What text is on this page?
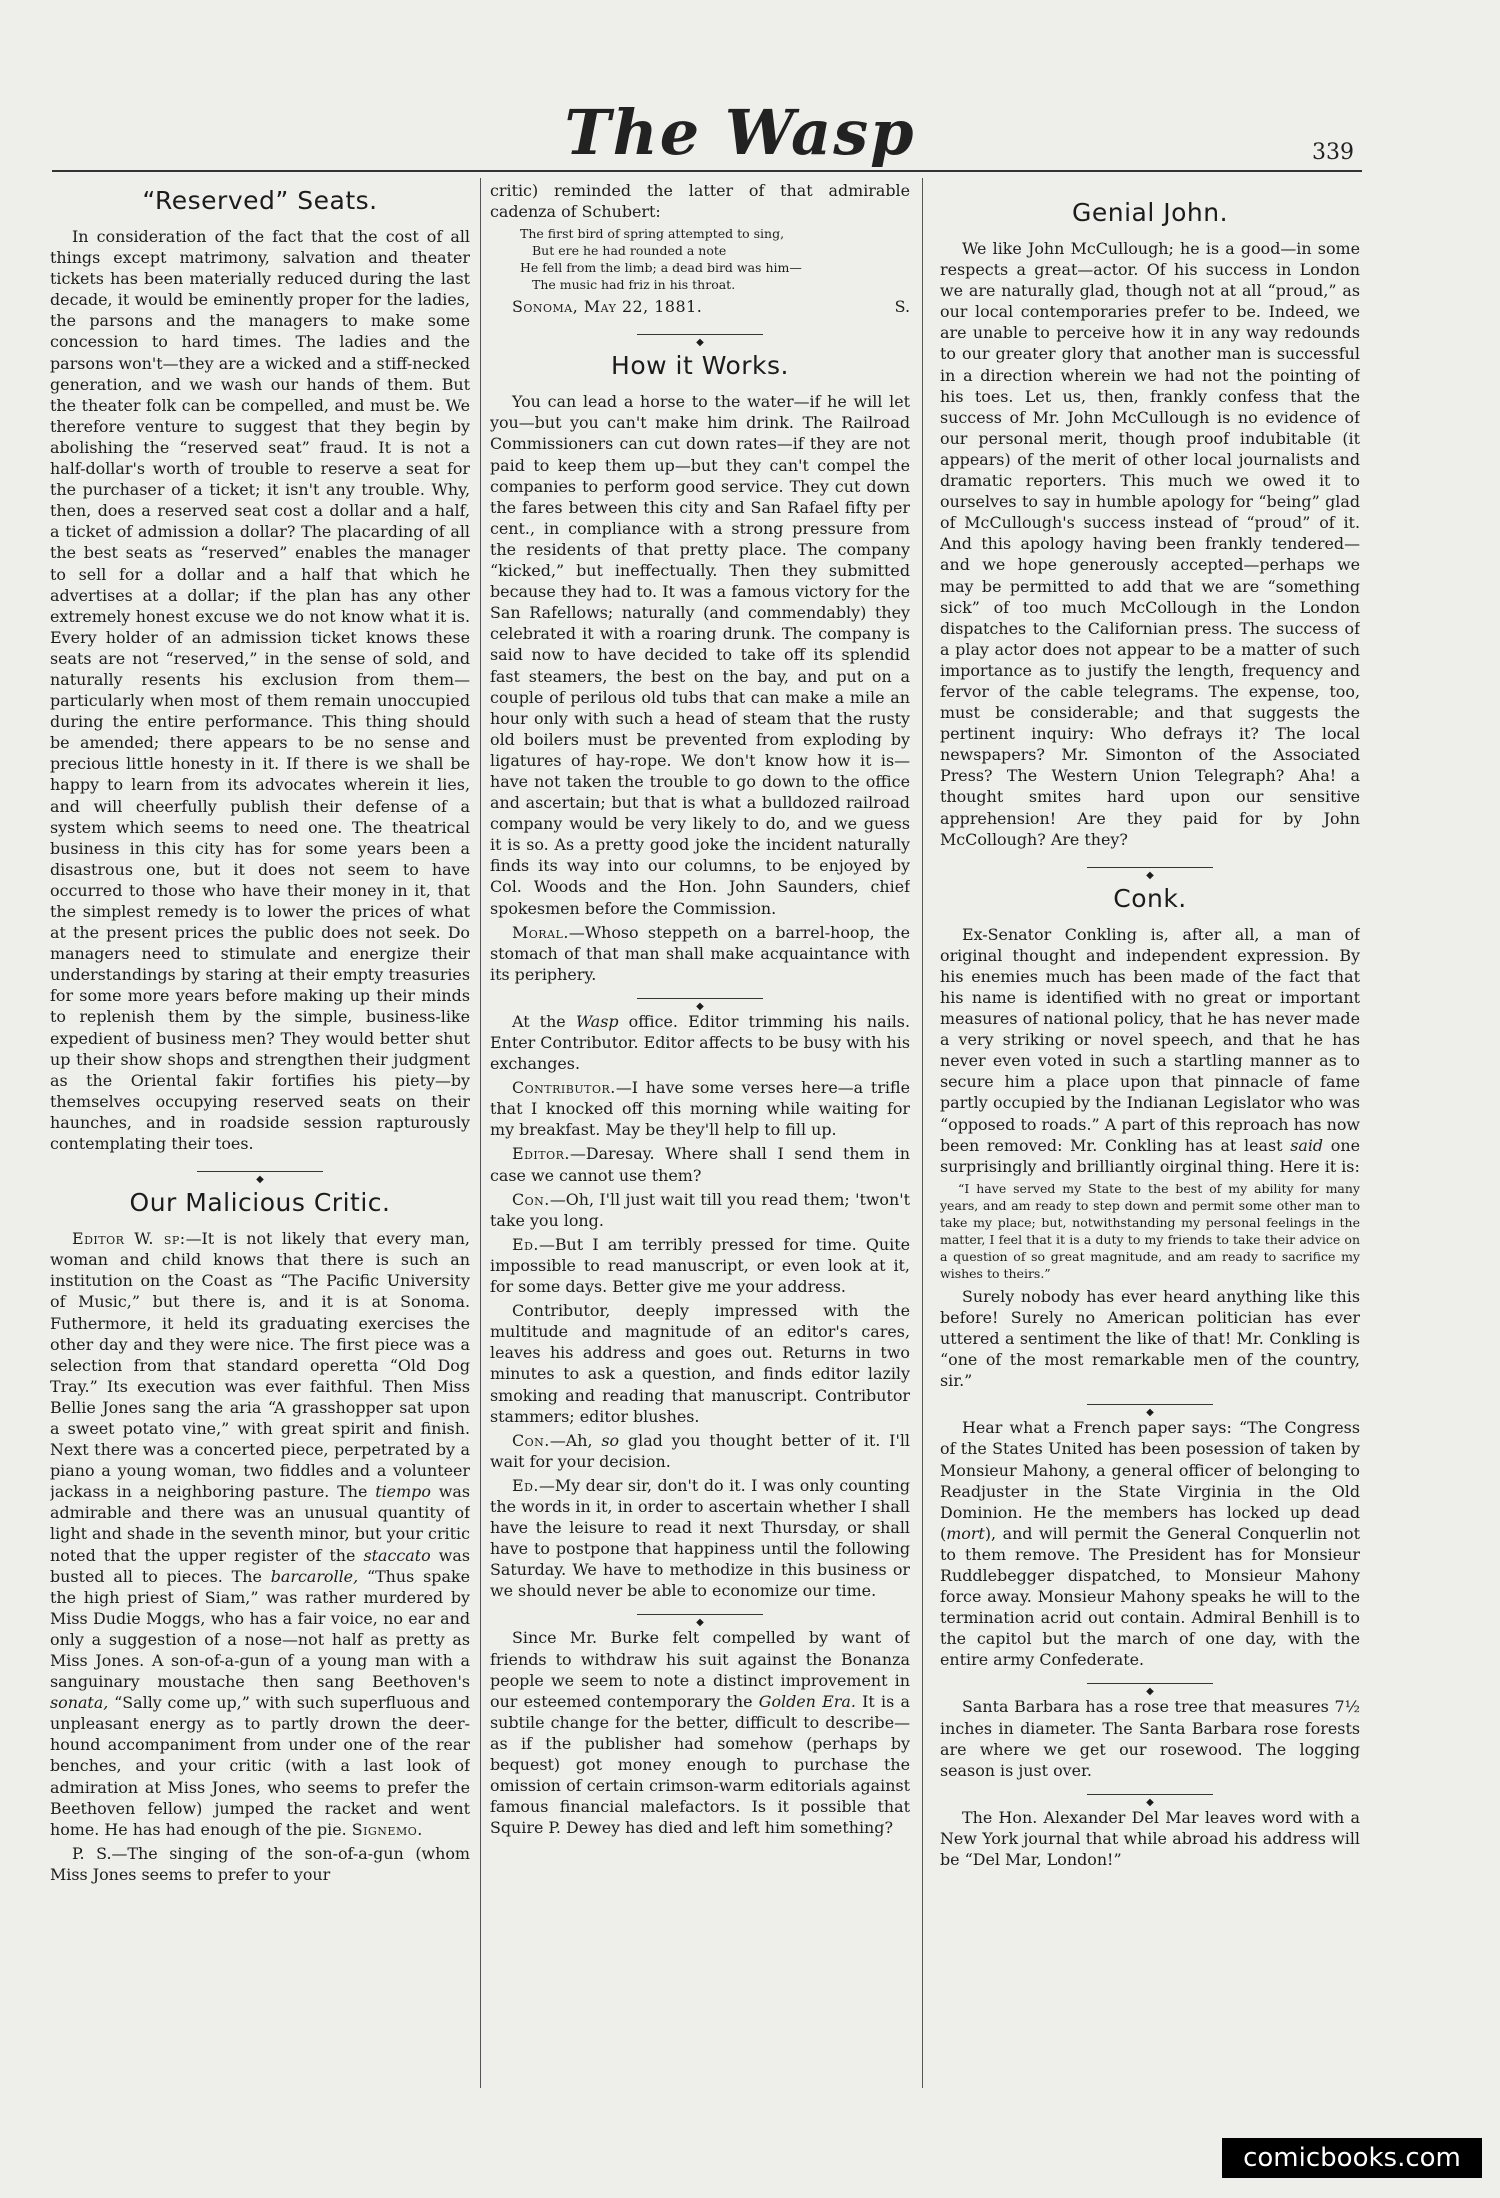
The Wasp	339
“Reserved” Seats.

In consideration of the fact that the cost of all things except matrimony, salvation and theater tickets has been materially reduced during the last decade, it would be eminently proper for the ladies, the parsons and the managers to make some concession to hard times. The ladies and the parsons won't—they are a wicked and a stiff-necked generation, and we wash our hands of them. But the theater folk can be compelled, and must be. We therefore venture to suggest that they begin by abolishing the “reserved seat” fraud. It is not a half-dollar's worth of trouble to reserve a seat for the purchaser of a ticket; it isn't any trouble. Why, then, does a reserved seat cost a dollar and a half, a ticket of admission a dollar? The placarding of all the best seats as “reserved” enables the manager to sell for a dollar and a half that which he advertises at a dollar; if the plan has any other extremely honest excuse we do not know what it is. Every holder of an admission ticket knows these seats are not “reserved,” in the sense of sold, and naturally resents his exclusion from them—particularly when most of them remain unoccupied during the entire performance. This thing should be amended; there appears to be no sense and precious little honesty in it. If there is we shall be happy to learn from its advocates wherein it lies, and will cheerfully publish their defense of a system which seems to need one. The theatrical business in this city has for some years been a disastrous one, but it does not seem to have occurred to those who have their money in it, that the simplest remedy is to lower the prices of what at the present prices the public does not seek. Do managers need to stimulate and energize their understandings by staring at their empty treasuries for some more years before making up their minds to replenish them by the simple, business-like expedient of business men? They would better shut up their show shops and strengthen their judgment as the Oriental fakir fortifies his piety—by themselves occupying reserved seats on their haunches, and in roadside session rapturously contemplating their toes.

◆
Our Malicious Critic.

Editor W. sp:—It is not likely that every man, woman and child knows that there is such an institution on the Coast as “The Pacific University of Music,” but there is, and it is at Sonoma. Futhermore, it held its graduating exercises the other day and they were nice. The first piece was a selection from that standard operetta “Old Dog Tray.” Its execution was ever faithful. Then Miss Bellie Jones sang the aria “A grasshopper sat upon a sweet potato vine,” with great spirit and finish. Next there was a concerted piece, perpetrated by a piano a young woman, two fiddles and a volunteer jackass in a neighboring pasture. The tiempo was admirable and there was an unusual quantity of light and shade in the seventh minor, but your critic noted that the upper register of the staccato was busted all to pieces. The barcarolle, “Thus spake the high priest of Siam,” was rather murdered by Miss Dudie Moggs, who has a fair voice, no ear and only a suggestion of a nose—not half as pretty as Miss Jones. A son-of-a-gun of a young man with a sanguinary moustache then sang Beethoven's sonata, “Sally come up,” with such superfluous and unpleasant energy as to partly drown the deer-hound accompaniment from under one of the rear benches, and your critic (with a last look of admiration at Miss Jones, who seems to prefer the Beethoven fellow) jumped the racket and went home. He has had enough of the pie. Signemo.

P. S.—The singing of the son-of-a-gun (whom Miss Jones seems to prefer to your

critic) reminded the latter of that admirable cadenza of Schubert:

The first bird of spring attempted to sing,
But ere he had rounded a note
He fell from the limb; a dead bird was him—
The music had friz in his throat.
Sonoma, May 22, 1881.	S.
◆
How it Works.

You can lead a horse to the water—if he will let you—but you can't make him drink. The Railroad Commissioners can cut down rates—if they are not paid to keep them up—but they can't compel the companies to perform good service. They cut down the fares between this city and San Rafael fifty per cent., in compliance with a strong pressure from the residents of that pretty place. The company “kicked,” but ineffectually. Then they submitted because they had to. It was a famous victory for the San Rafellows; naturally (and commendably) they celebrated it with a roaring drunk. The company is said now to have decided to take off its splendid fast steamers, the best on the bay, and put on a couple of perilous old tubs that can make a mile an hour only with such a head of steam that the rusty old boilers must be prevented from exploding by ligatures of hay-rope. We don't know how it is—have not taken the trouble to go down to the office and ascertain; but that is what a bulldozed railroad company would be very likely to do, and we guess it is so. As a pretty good joke the incident naturally finds its way into our columns, to be enjoyed by Col. Woods and the Hon. John Saunders, chief spokesmen before the Commission.

Moral.—Whoso steppeth on a barrel-hoop, the stomach of that man shall make acquaintance with its periphery.

◆

At the Wasp office. Editor trimming his nails. Enter Contributor. Editor affects to be busy with his exchanges.

Contributor.—I have some verses here—a trifle that I knocked off this morning while waiting for my breakfast. May be they'll help to fill up.

Editor.—Daresay. Where shall I send them in case we cannot use them?

Con.—Oh, I'll just wait till you read them; 'twon't take you long.

Ed.—But I am terribly pressed for time. Quite impossible to read manuscript, or even look at it, for some days. Better give me your address.

Contributor, deeply impressed with the multitude and magnitude of an editor's cares, leaves his address and goes out. Returns in two minutes to ask a question, and finds editor lazily smoking and reading that manuscript. Contributor stammers; editor blushes.

Con.—Ah, so glad you thought better of it. I'll wait for your decision.

Ed.—My dear sir, don't do it. I was only counting the words in it, in order to ascertain whether I shall have the leisure to read it next Thursday, or shall have to postpone that happiness until the following Saturday. We have to methodize in this business or we should never be able to economize our time.

◆

Since Mr. Burke felt compelled by want of friends to withdraw his suit against the Bonanza people we seem to note a distinct improvement in our esteemed contemporary the Golden Era. It is a subtile change for the better, difficult to describe—as if the publisher had somehow (perhaps by bequest) got money enough to purchase the omission of certain crimson-warm editorials against famous financial malefactors. Is it possible that Squire P. Dewey has died and left him something?

Genial John.

We like John McCullough; he is a good—in some respects a great—actor. Of his success in London we are naturally glad, though not at all “proud,” as our local contemporaries prefer to be. Indeed, we are unable to perceive how it in any way redounds to our greater glory that another man is successful in a direction wherein we had not the pointing of his toes. Let us, then, frankly confess that the success of Mr. John McCullough is no evidence of our personal merit, though proof indubitable (it appears) of the merit of other local journalists and dramatic reporters. This much we owed it to ourselves to say in humble apology for “being” glad of McCullough's success instead of “proud” of it. And this apology having been frankly tendered—and we hope generously accepted—perhaps we may be permitted to add that we are “something sick” of too much McCollough in the London dispatches to the Californian press. The success of a play actor does not appear to be a matter of such importance as to justify the length, frequency and fervor of the cable telegrams. The expense, too, must be considerable; and that suggests the pertinent inquiry: Who defrays it? The local newspapers? Mr. Simonton of the Associated Press? The Western Union Telegraph? Aha! a thought smites hard upon our sensitive apprehension! Are they paid for by John McCollough? Are they?

◆
Conk.

Ex-Senator Conkling is, after all, a man of original thought and independent expression. By his enemies much has been made of the fact that his name is identified with no great or important measures of national policy, that he has never made a very striking or novel speech, and that he has never even voted in such a startling manner as to secure him a place upon that pinnacle of fame partly occupied by the Indianan Legislator who was “opposed to roads.” A part of this reproach has now been removed: Mr. Conkling has at least said one surprisingly and brilliantly oirginal thing. Here it is:

“I have served my State to the best of my ability for many years, and am ready to step down and permit some other man to take my place; but, notwithstanding my personal feelings in the matter, I feel that it is a duty to my friends to take their advice on a question of so great magnitude, and am ready to sacrifice my wishes to theirs.”

Surely nobody has ever heard anything like this before! Surely no American politician has ever uttered a sentiment the like of that! Mr. Conkling is “one of the most remarkable men of the country, sir.”

◆

Hear what a French paper says: “The Congress of the States United has been posession of taken by Monsieur Mahony, a general officer of belonging to Readjuster in the State Virginia in the Old Dominion. He the members has locked up dead (mort), and will permit the General Conquerlin not to them remove. The President has for Monsieur Ruddlebegger dispatched, to Monsieur Mahony force away. Monsieur Mahony speaks he will to the termination acrid out contain. Admiral Benhill is to the capitol but the march of one day, with the entire army Confederate.

◆

Santa Barbara has a rose tree that measures 7½ inches in diameter. The Santa Barbara rose forests are where we get our rosewood. The logging season is just over.

◆

The Hon. Alexander Del Mar leaves word with a New York journal that while abroad his address will be “Del Mar, London!”

comicbooks.com
